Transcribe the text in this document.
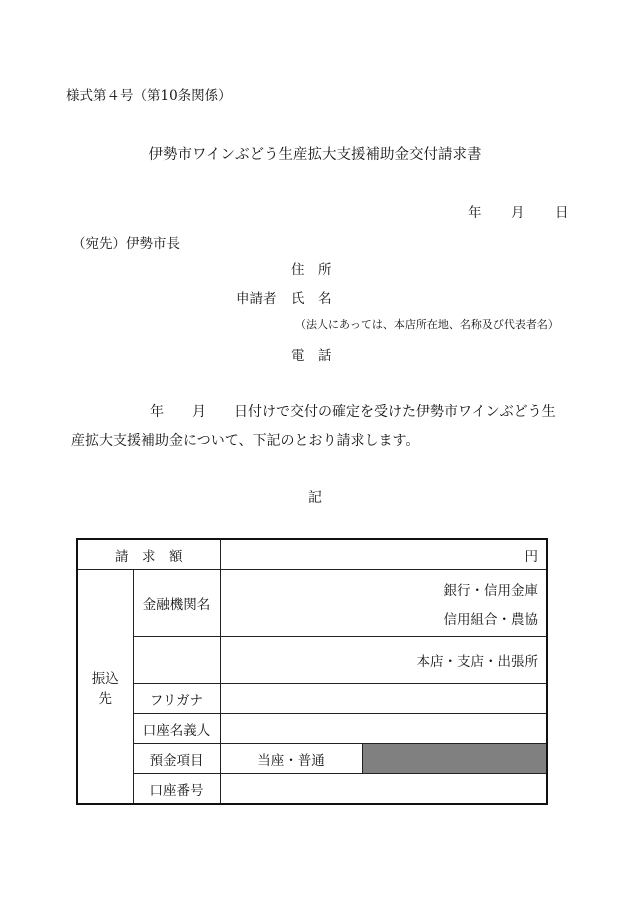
様式第４号（第10条関係）
伊勢市ワインぶどう生産拡大支援補助金交付請求書
年 月 日
（宛先）伊勢市長
住　所
申請者 氏　名
（法人にあっては、本店所在地、名称及び代表者名）
電　話
年　　月　　日付けで交付の確定を受けた伊勢市ワインぶどう生
産拡大支援補助金について、下記のとおり請求します。
記
請　求　額		円	
振込先	金融機関名	銀行・信用金庫	
		信用組合・農協	
		本店・支店・出張所	
	フリガナ		
	口座名義人		
	預金項目	当座・普通	
	口座番号		
